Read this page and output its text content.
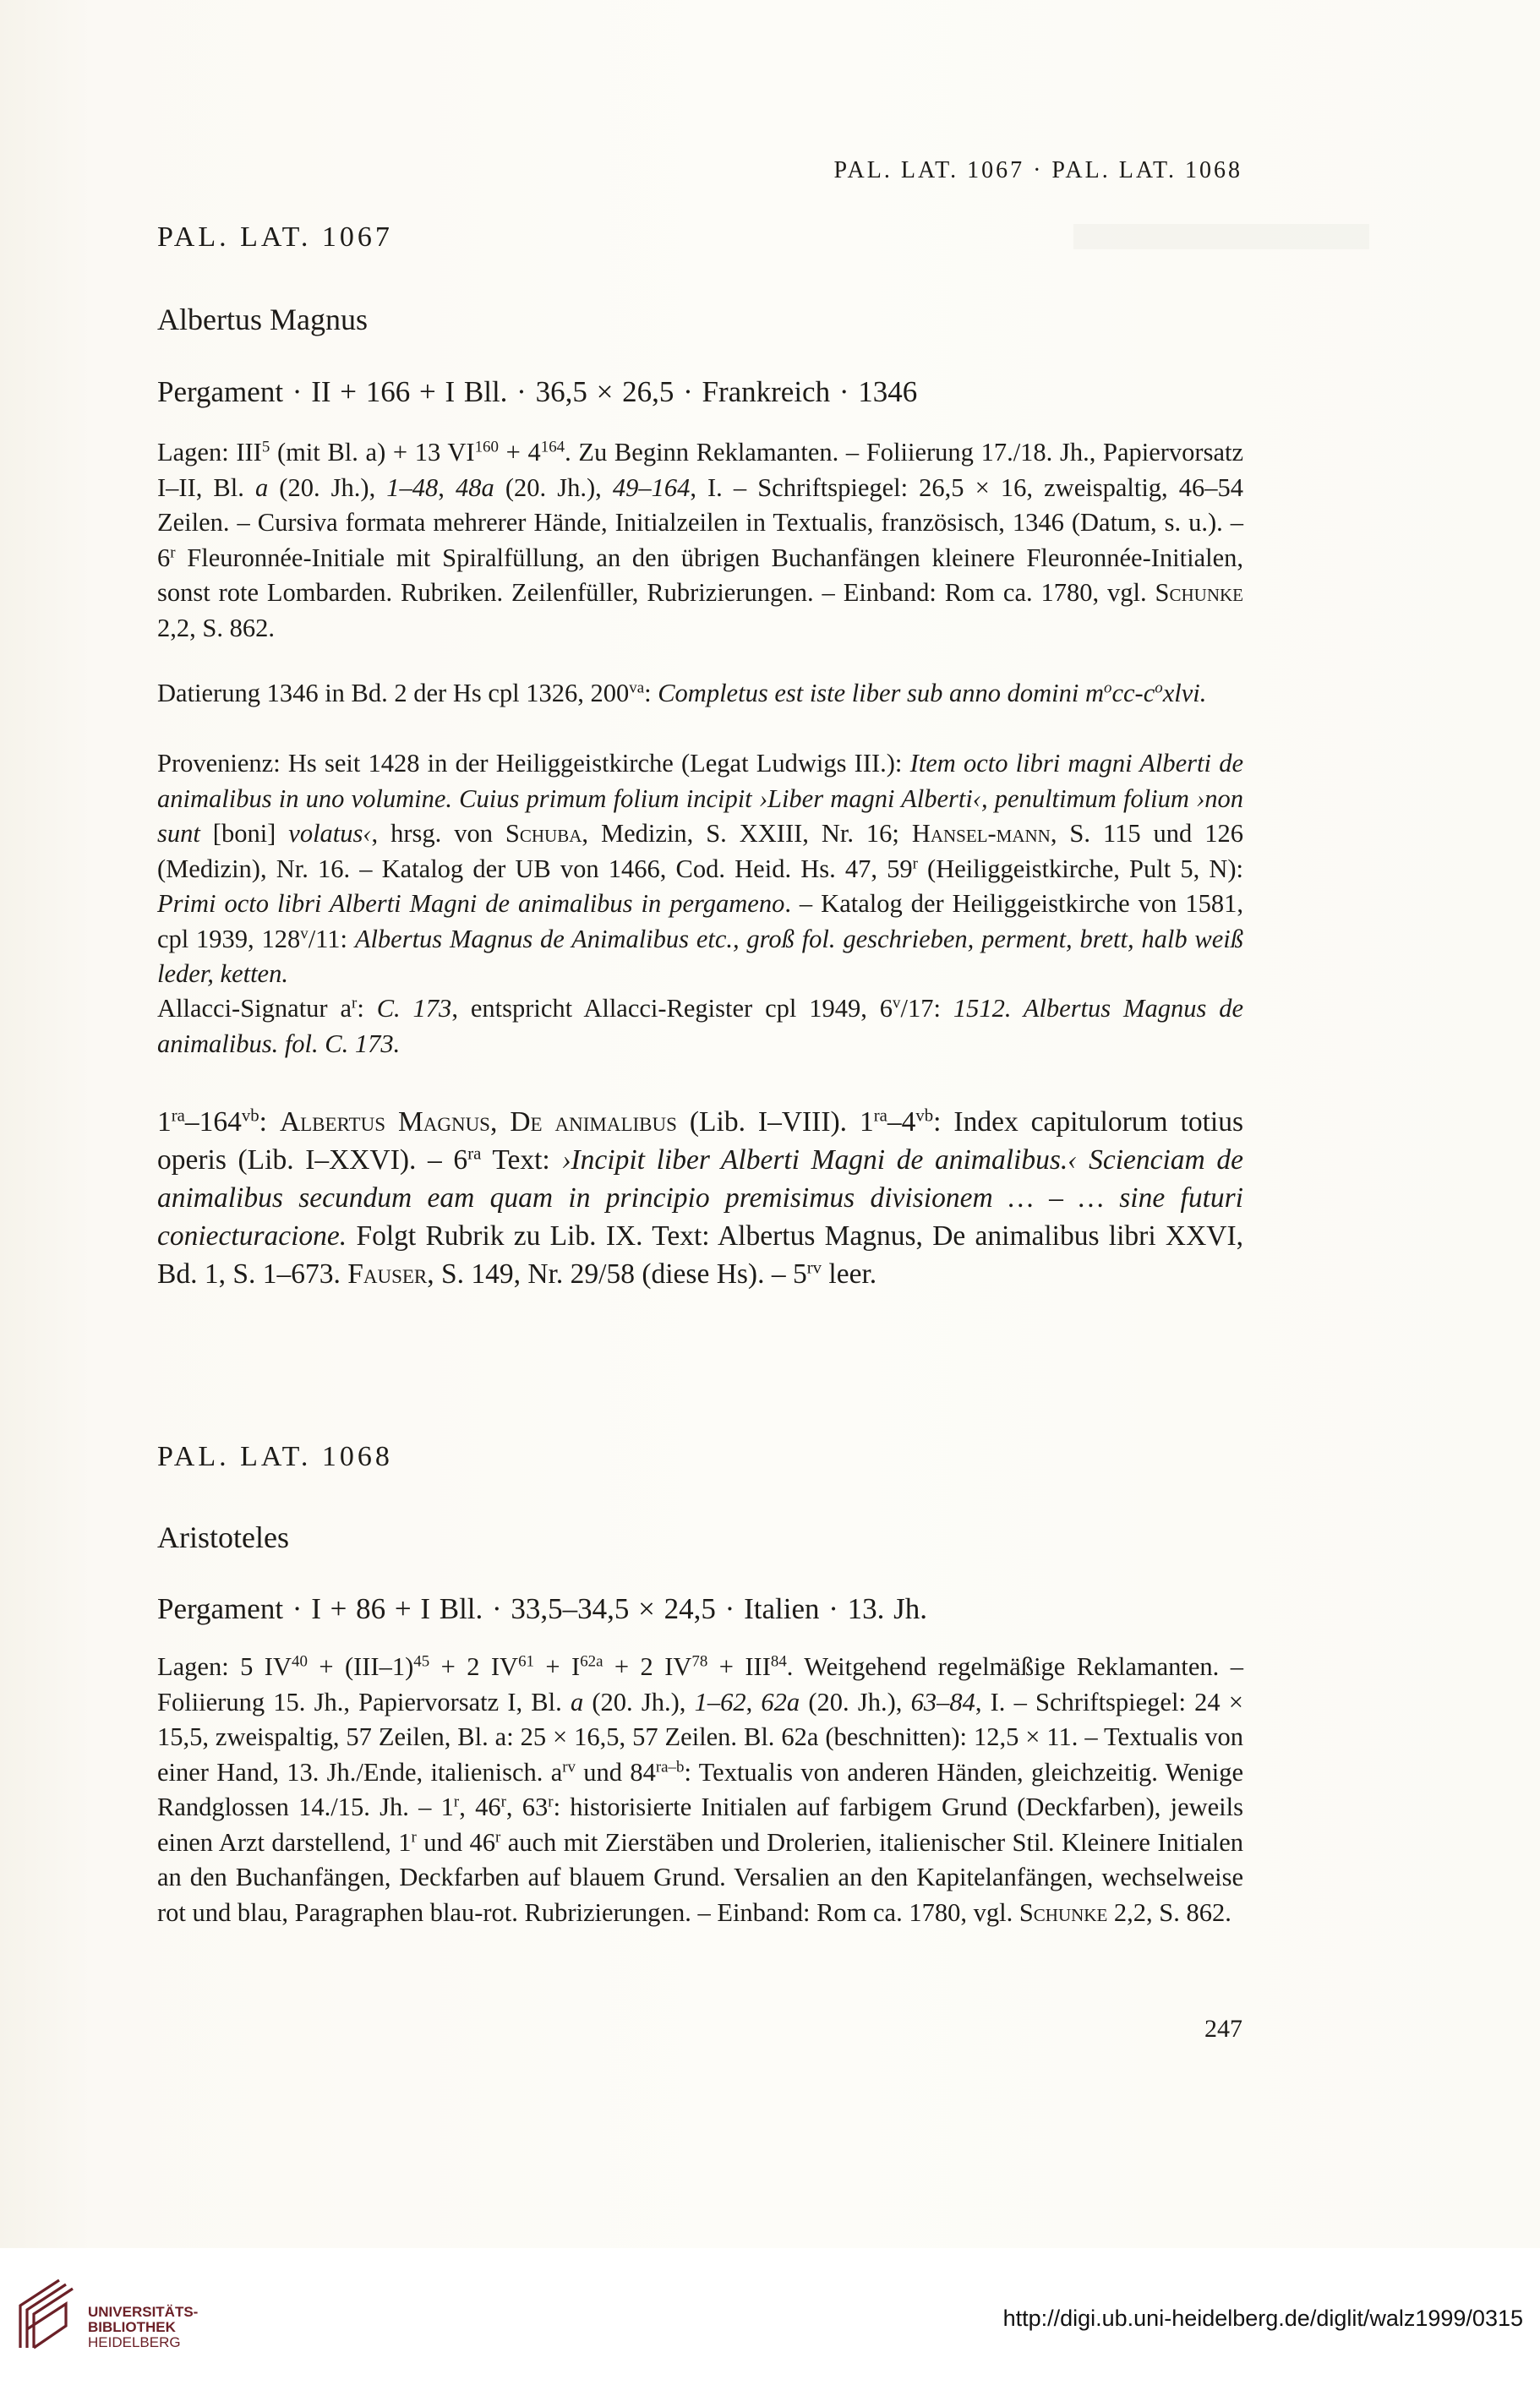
PAL. LAT. 1067 · PAL. LAT. 1068
PAL. LAT. 1067
Albertus Magnus
Pergament · II + 166 + I Bll. · 36,5 × 26,5 · Frankreich · 1346

Lagen: III$^5$ (mit Bl. a) + 13 $VI^{160} + 4^{164}$. Zu Beginn Reklamanten. – Foliierung 17./18. Jh., Papiervorsatz I–II, Bl. a (20. Jh.), 1–48, 48a (20. Jh.), 49–164, I. – Schriftspiegel: 26,5 × 16, zweispaltig, 46–54 Zeilen. – Cursiva formata mehrerer Hände, Initialzeilen in Textualis, französisch, 1346 (Datum, s. u.). – 6$^r$ Fleuronnée-Initiale mit Spiralfüllung, an den übrigen Buchanfängen kleinere Fleuronnée-Initialen, sonst rote Lombarden. Rubriken. Zeilenfüller, Rubrizierungen. – Einband: Rom ca. 1780, vgl. Schunke 2,2, S. 862.

Datierung 1346 in Bd. 2 der Hs cpl 1326, $200^{va}$: Completus est iste liber sub anno domini $m^occ-c^oxlvi$.

Provenienz: Hs seit 1428 in der Heiliggeistkirche (Legat Ludwigs III.): Item octo libri magni Alberti de animalibus in uno volumine. Cuius primum folium incipit ›Liber magni Alberti‹, penultimum folium ›non sunt [boni] volatus‹, hrsg. von Schuba, Medizin, S. XXIII, Nr. 16; Hansel-mann, S. 115 und 126 (Medizin), Nr. 16. – Katalog der UB von 1466, Cod. Heid. Hs. 47, 59$^r$ (Heiliggeistkirche, Pult 5, N): Primi octo libri Alberti Magni de animalibus in pergameno. – Katalog der Heiliggeistkirche von 1581, cpl 1939, 128$^v$/11: Albertus Magnus de Animalibus etc., groß fol. geschrieben, perment, brett, halb weiß leder, ketten.

Allacci-Signatur $a^r$: C. 173, entspricht Allacci-Register cpl 1949, 6$^v$/17: 1512. Albertus Magnus de animalibus. fol. C. 173.

$1^{ra}-164^{vb}$: Albertus Magnus, De animalibus (Lib. I–VIII). $1^{ra}-4^{vb}$: Index capitulorum totius operis (Lib. I–XXVI). – $6^{ra}$ Text: ›Incipit liber Alberti Magni de animalibus.‹ Scienciam de animalibus secundum eam quam in principio premisimus divisionem … – … sine futuri coniecturacione. Folgt Rubrik zu Lib. IX. Text: Albertus Magnus, De animalibus libri XXVI, Bd. 1, S. 1–673. Fauser, S. 149, Nr. 29/58 (diese Hs). – $5^{rv}$ leer.

PAL. LAT. 1068
Aristoteles
Pergament · I + 86 + I Bll. · 33,5–34,5 × 24,5 · Italien · 13. Jh.

Lagen: 5 $IV^{40} + (III-1)^{45} + 2$ $IV^{61} + I^{62a} + 2$ $IV^{78} + III^{84}$. Weitgehend regelmäßige Reklamanten. – Foliierung 15. Jh., Papiervorsatz I, Bl. a (20. Jh.), 1–62, 62a (20. Jh.), 63–84, I. – Schriftspiegel: 24 × 15,5, zweispaltig, 57 Zeilen, Bl. a: 25 × 16,5, 57 Zeilen. Bl. 62a (beschnitten): 12,5 × 11. – Textualis von einer Hand, 13. Jh./Ende, italienisch. $a^{rv}$ und $84^{ra-b}$: Textualis von anderen Händen, gleichzeitig. Wenige Randglossen 14./15. Jh. – 1$^r$, 46$^r$, 63$^r$: historisierte Initialen auf farbigem Grund (Deckfarben), jeweils einen Arzt darstellend, 1$^r$ und 46$^r$ auch mit Zierstäben und Drolerien, italienischer Stil. Kleinere Initialen an den Buchanfängen, Deckfarben auf blauem Grund. Versalien an den Kapitelanfängen, wechselweise rot und blau, Paragraphen blau-rot. Rubrizierungen. – Einband: Rom ca. 1780, vgl. Schunke 2,2, S. 862.

247
UNIVERSITÄTS-
BIBLIOTHEK
HEIDELBERG
http://digi.ub.uni-heidelberg.de/diglit/walz1999/0315
